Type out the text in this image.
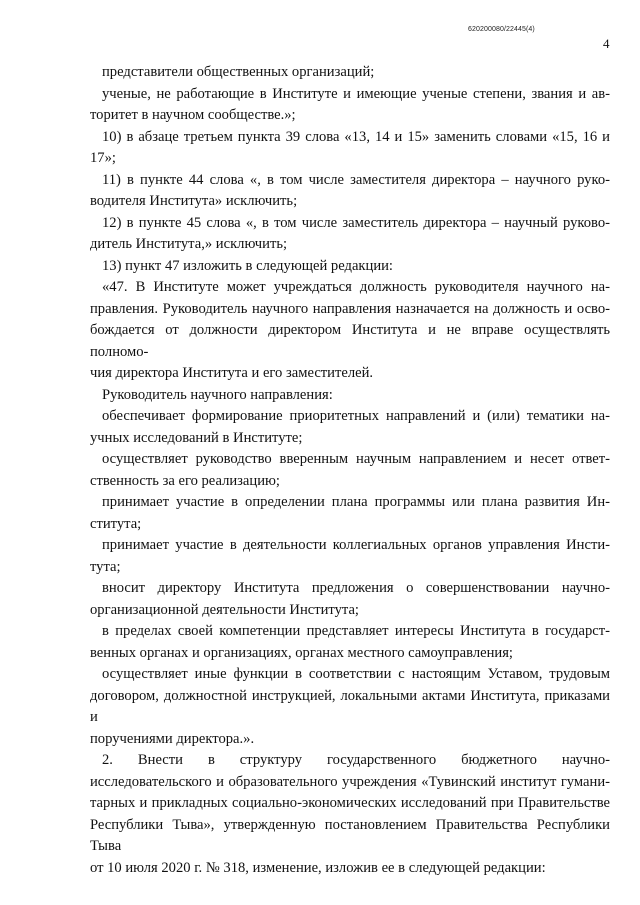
620200080/22445(4)
4
представители общественных организаций;
ученые, не работающие в Институте и имеющие ученые степени, звания и ав-
торитет в научном сообществе.»;
10) в абзаце третьем пункта 39 слова «13, 14 и 15» заменить словами «15, 16 и
17»;
11) в пункте 44 слова «, в том числе заместителя директора – научного руко-
водителя Института» исключить;
12) в пункте 45 слова «, в том числе заместитель директора – научный руково-
дитель Института,» исключить;
13) пункт 47 изложить в следующей редакции:
«47. В Институте может учреждаться должность руководителя научного на-
правления. Руководитель научного направления назначается на должность и осво-
бождается от должности директором Института и не вправе осуществлять полномо-
чия директора Института и его заместителей.
Руководитель научного направления:
обеспечивает формирование приоритетных направлений и (или) тематики на-
учных исследований в Институте;
осуществляет руководство вверенным научным направлением и несет ответ-
ственность за его реализацию;
принимает участие в определении плана программы или плана развития Ин-
ститута;
принимает участие в деятельности коллегиальных органов управления Инсти-
тута;
вносит директору Института предложения о совершенствовании научно-
организационной деятельности Института;
в пределах своей компетенции представляет интересы Института в государст-
венных органах и организациях, органах местного самоуправления;
осуществляет иные функции в соответствии с настоящим Уставом, трудовым
договором, должностной инструкцией, локальными актами Института, приказами и
поручениями директора.».
2. Внести в структуру государственного бюджетного научно-
исследовательского и образовательного учреждения «Тувинский институт гумани-
тарных и прикладных социально-экономических исследований при Правительстве
Республики Тыва», утвержденную постановлением Правительства Республики Тыва
от 10 июля 2020 г. № 318, изменение, изложив ее в следующей редакции:
